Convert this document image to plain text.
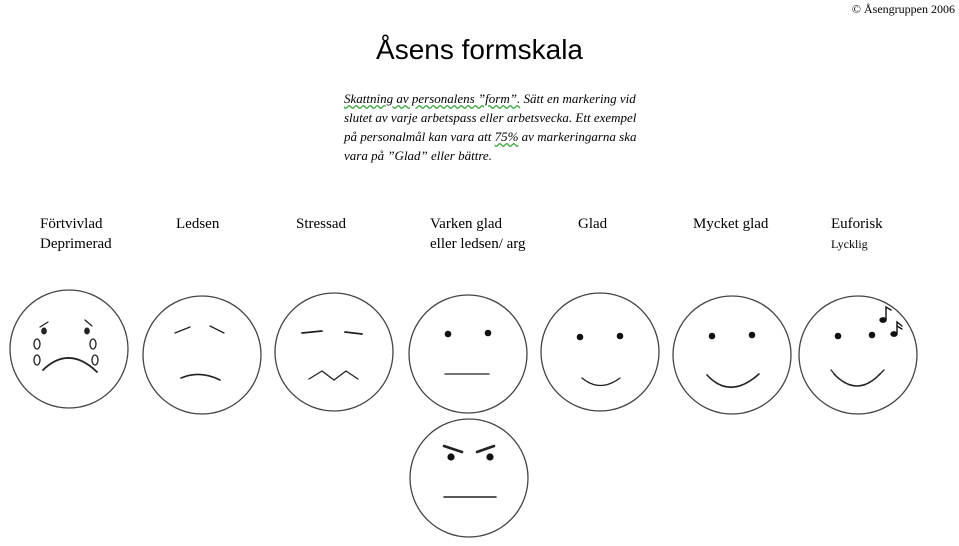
© Åsengruppen 2006
Åsens formskala
Skattning av personalens ”form”. Sätt en markering vid slutet av varje arbetspass eller arbetsvecka. Ett exempel på personalmål kan vara att 75% av markeringarna ska vara på ”Glad” eller bättre.
Förtvivlad
Deprimerad
Ledsen	Stressad	Varken glad
eller ledsen/ arg
Glad	Mycket glad	Euforisk
Lycklig
